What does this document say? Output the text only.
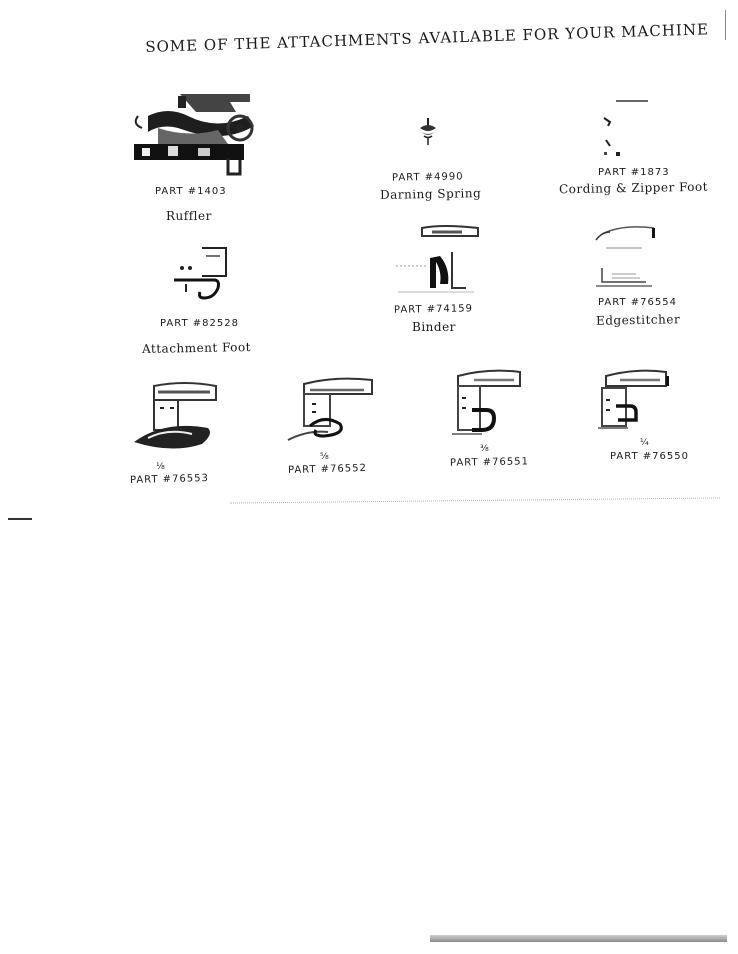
SOME OF THE ATTACHMENTS AVAILABLE FOR YOUR MACHINE
PART #1403
Ruffler
PART #4990
Darning Spring
PART #1873
Cording & Zipper Foot
PART #82528
Attachment Foot
PART #74159
Binder
PART #76554
Edgestitcher
⅛
PART #76553
⅝
PART #76552
⅜
PART #76551
¼
PART #76550
